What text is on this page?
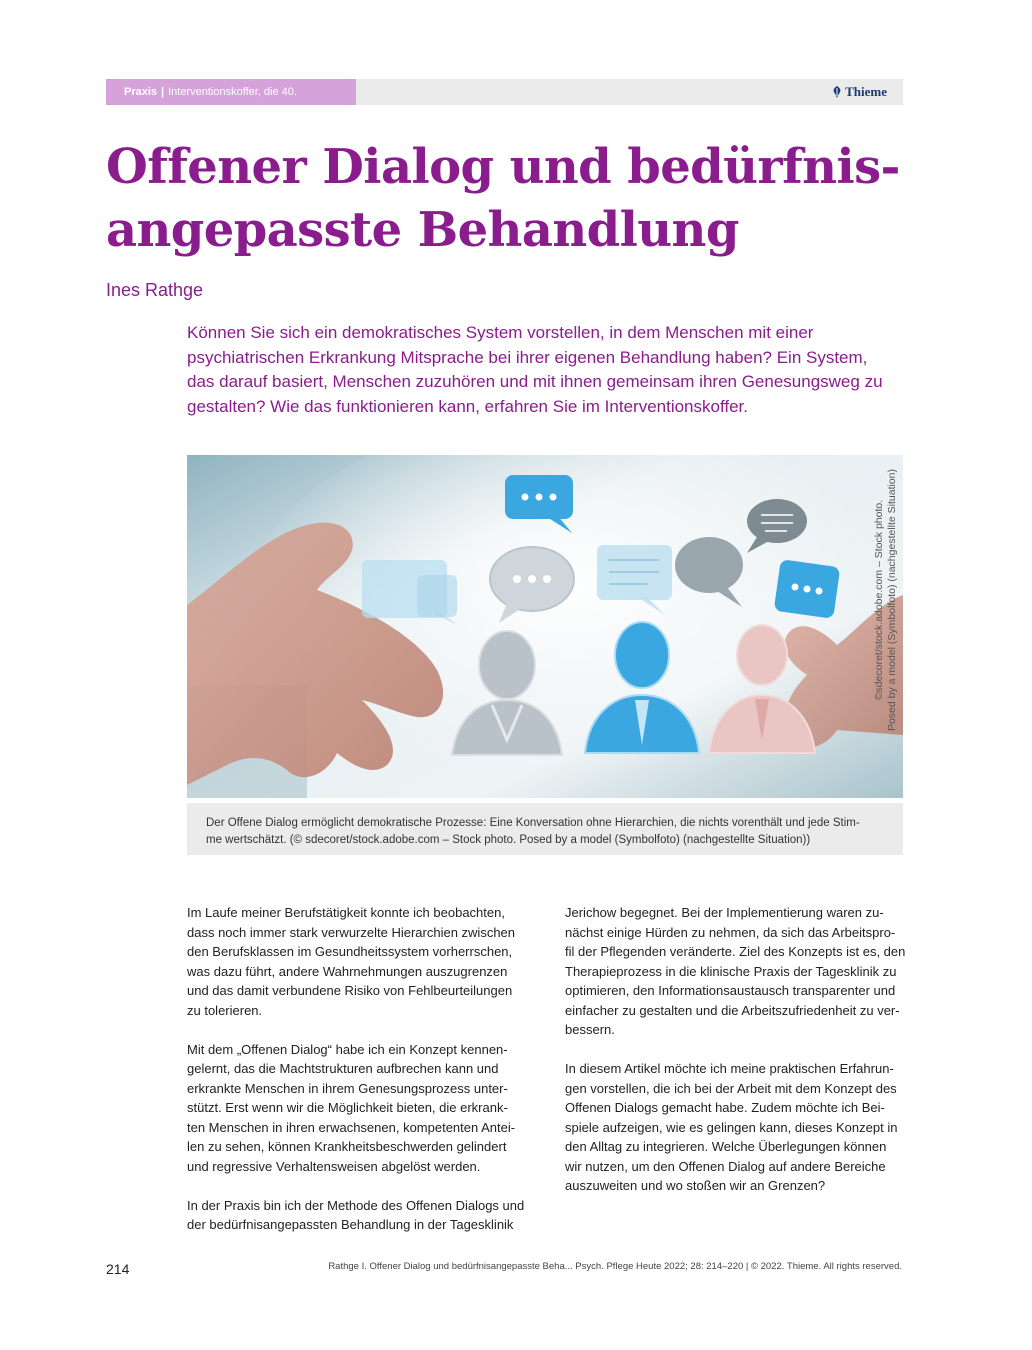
Praxis | Interventionskoffer, die 40.	Thieme
Offener Dialog und bedürfnis-
angepasste Behandlung
Ines Rathge
Können Sie sich ein demokratisches System vorstellen, in dem Menschen mit einer
psychiatrischen Erkrankung Mitsprache bei ihrer eigenen Behandlung haben? Ein System,
das darauf basiert, Menschen zuzuhören und mit ihnen gemeinsam ihren Genesungsweg zu
gestalten? Wie das funktionieren kann, erfahren Sie im Interventionskoffer.
©sdecoret/stock.adobe.com – Stock photo. Posed by a model (Symbolfoto) (nachgestellte Situation)
Der Offene Dialog ermöglicht demokratische Prozesse: Eine Konversation ohne Hierarchien, die nichts vorenthält und jede Stim-
me wertschätzt. (© sdecoret/stock.adobe.com – Stock photo. Posed by a model (Symbolfoto) (nachgestellte Situation))

Im Laufe meiner Berufstätigkeit konnte ich beobachten,
dass noch immer stark verwurzelte Hierarchien zwischen
den Berufsklassen im Gesundheitssystem vorherrschen,
was dazu führt, andere Wahrnehmungen auszugrenzen
und das damit verbundene Risiko von Fehlbeurteilungen
zu tolerieren.

Mit dem „Offenen Dialog“ habe ich ein Konzept kennen-
gelernt, das die Machtstrukturen aufbrechen kann und
erkrankte Menschen in ihrem Genesungsprozess unter-
stützt. Erst wenn wir die Möglichkeit bieten, die erkrank-
ten Menschen in ihren erwachsenen, kompetenten Antei-
len zu sehen, können Krankheitsbeschwerden gelindert
und regressive Verhaltensweisen abgelöst werden.

In der Praxis bin ich der Methode des Offenen Dialogs und
der bedürfnisangepassten Behandlung in der Tagesklinik

Jerichow begegnet. Bei der Implementierung waren zu-
nächst einige Hürden zu nehmen, da sich das Arbeitspro-
fil der Pflegenden veränderte. Ziel des Konzepts ist es, den
Therapieprozess in die klinische Praxis der Tagesklinik zu
optimieren, den Informationsaustausch transparenter und
einfacher zu gestalten und die Arbeitszufriedenheit zu ver-
bessern.

In diesem Artikel möchte ich meine praktischen Erfahrun-
gen vorstellen, die ich bei der Arbeit mit dem Konzept des
Offenen Dialogs gemacht habe. Zudem möchte ich Bei-
spiele aufzeigen, wie es gelingen kann, dieses Konzept in
den Alltag zu integrieren. Welche Überlegungen können
wir nutzen, um den Offenen Dialog auf andere Bereiche
auszuweiten und wo stoßen wir an Grenzen?

214	Rathge I. Offener Dialog und bedürfnisangepasste Beha... Psych. Pflege Heute 2022; 28: 214–220 | © 2022. Thieme. All rights reserved.
